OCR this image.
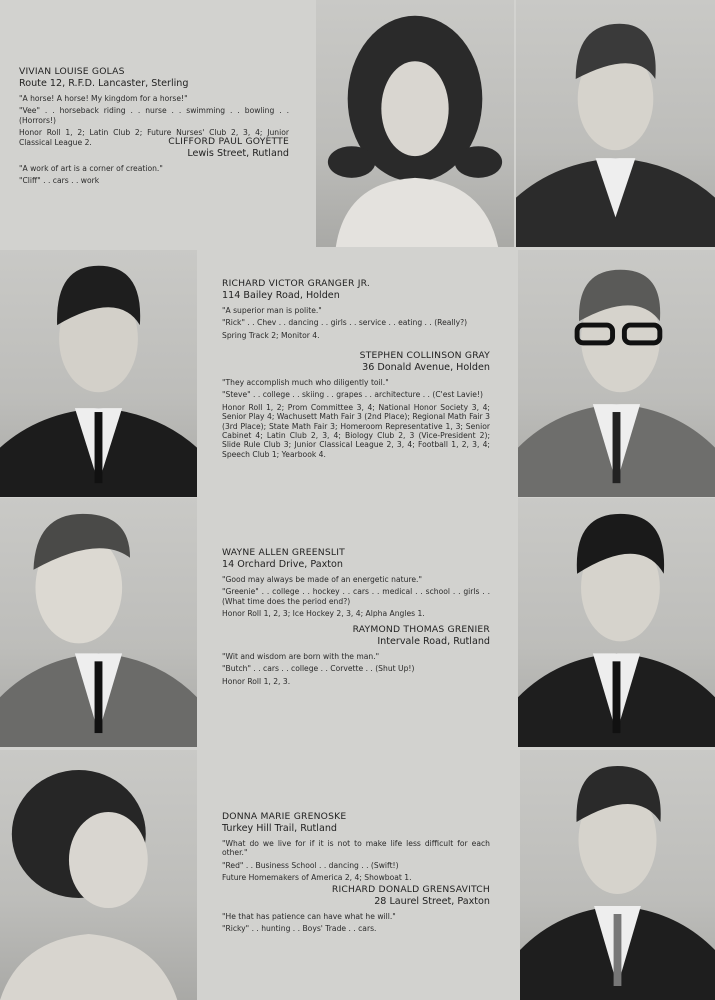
VIVIAN LOUISE GOLAS
Route 12, R.F.D. Lancaster, Sterling
"A horse! A horse! My kingdom for a horse!"
"Vee" . . horseback riding . . nurse . . swimming . . bowling . . (Horrors!)
Honor Roll 1, 2; Latin Club 2; Future Nurses' Club 2, 3, 4; Junior Classical League 2.	CLIFFORD PAUL GOYETTE
Lewis Street, Rutland
"A work of art is a corner of creation."
"Cliff" . . cars . . work
RICHARD VICTOR GRANGER JR.
114 Bailey Road, Holden
"A superior man is polite."
"Rick" . . Chev . . dancing . . girls . . service . . eating . . (Really?)
Spring Track 2; Monitor 4.
STEPHEN COLLINSON GRAY
36 Donald Avenue, Holden
"They accomplish much who diligently toil."
"Steve" . . college . . skiing . . grapes . . architecture . . (C'est Lavie!)
Honor Roll 1, 2; Prom Committee 3, 4; National Honor Society 3, 4; Senior Play 4; Wachusett Math Fair 3 (2nd Place); Regional Math Fair 3 (3rd Place); State Math Fair 3; Homeroom Representative 1, 3; Senior Cabinet 4; Latin Club 2, 3, 4; Biology Club 2, 3 (Vice-President 2); Slide Rule Club 3; Junior Classical League 2, 3, 4; Football 1, 2, 3, 4; Speech Club 1; Yearbook 4.
WAYNE ALLEN GREENSLIT
14 Orchard Drive, Paxton
"Good may always be made of an energetic nature."
"Greenie" . . college . . hockey . . cars . . medical . . school . . girls . . (What time does the period end?)
Honor Roll 1, 2, 3; Ice Hockey 2, 3, 4; Alpha Angles 1.
RAYMOND THOMAS GRENIER
Intervale Road, Rutland
"Wit and wisdom are born with the man."
"Butch" . . cars . . college . . Corvette . . (Shut Up!)
Honor Roll 1, 2, 3.
DONNA MARIE GRENOSKE
Turkey Hill Trail, Rutland
"What do we live for if it is not to make life less difficult for each other."
"Red" . . Business School . . dancing . . (Swift!)
Future Homemakers of America 2, 4; Showboat 1.
RICHARD DONALD GRENSAVITCH
28 Laurel Street, Paxton
"He that has patience can have what he will."
"Ricky" . . hunting . . Boys' Trade . . cars.
